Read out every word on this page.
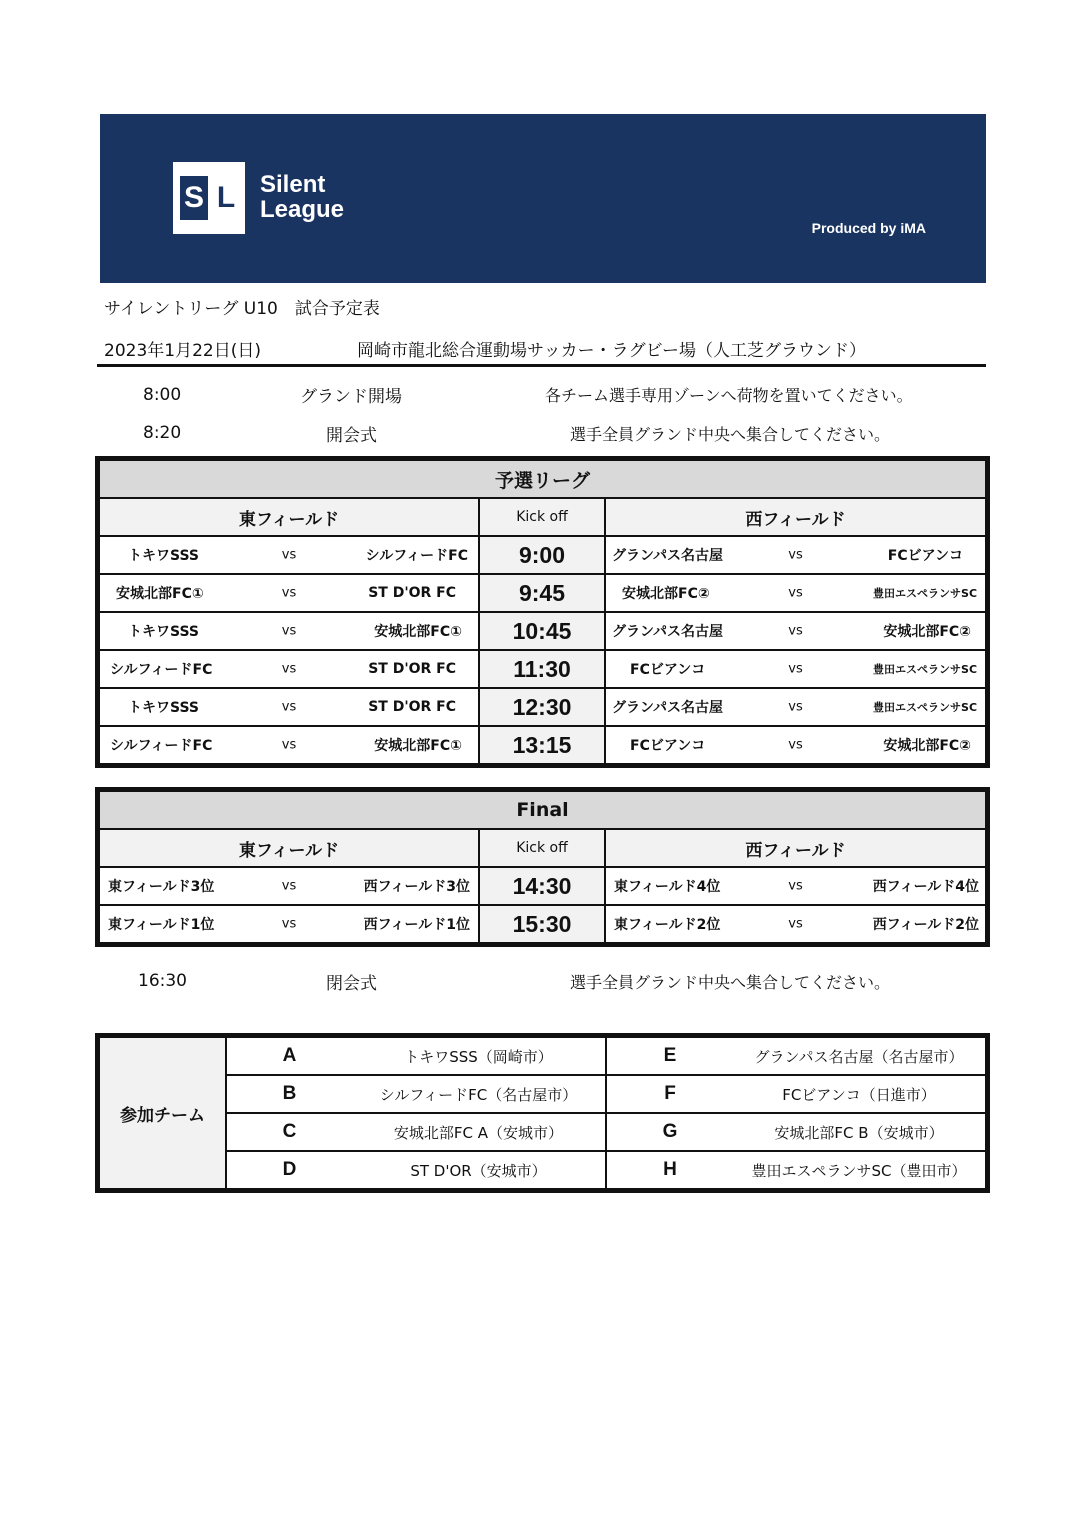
S L Silent League
Produced by iMA
サイレントリーグ U10　試合予定表
2023年1月22日(日)	岡崎市龍北総合運動場サッカー・ラグビー場（人工芝グラウンド）
8:00	グランド開場	各チーム選手専用ゾーンへ荷物を置いてください。
8:20	開会式	選手全員グランド中央へ集合してください。
予選リーグ		
東フィールド	Kick off	西フィールド

トキワSSS vs シルフィードFC	9:00	グランパス名古屋 vs FCビアンコ

安城北部FC① vs ST D'OR FC	9:45	安城北部FC② vs 豊田エスペランサSC

トキワSSS vs 安城北部FC①	10:45	グランパス名古屋 vs 安城北部FC②

シルフィードFC vs ST D'OR FC	11:30	FCビアンコ vs 豊田エスペランサSC

トキワSSS vs ST D'OR FC	12:30	グランパス名古屋 vs 豊田エスペランサSC

シルフィードFC vs 安城北部FC①	13:15	FCビアンコ vs 安城北部FC②
Final		
東フィールド	Kick off	西フィールド

東フィールド3位 vs 西フィールド3位	14:30	東フィールド4位 vs 西フィールド4位

東フィールド1位 vs 西フィールド1位	15:30	東フィールド2位 vs 西フィールド2位
16:30	閉会式	選手全員グランド中央へ集合してください。
参加チーム	A	トキワSSS（岡崎市）	E	グランパス名古屋（名古屋市）
	B	シルフィードFC（名古屋市）	F	FCビアンコ（日進市）
	C	安城北部FC A（安城市）	G	安城北部FC B（安城市）
	D	ST D'OR（安城市）	H	豊田エスペランサSC（豊田市）
